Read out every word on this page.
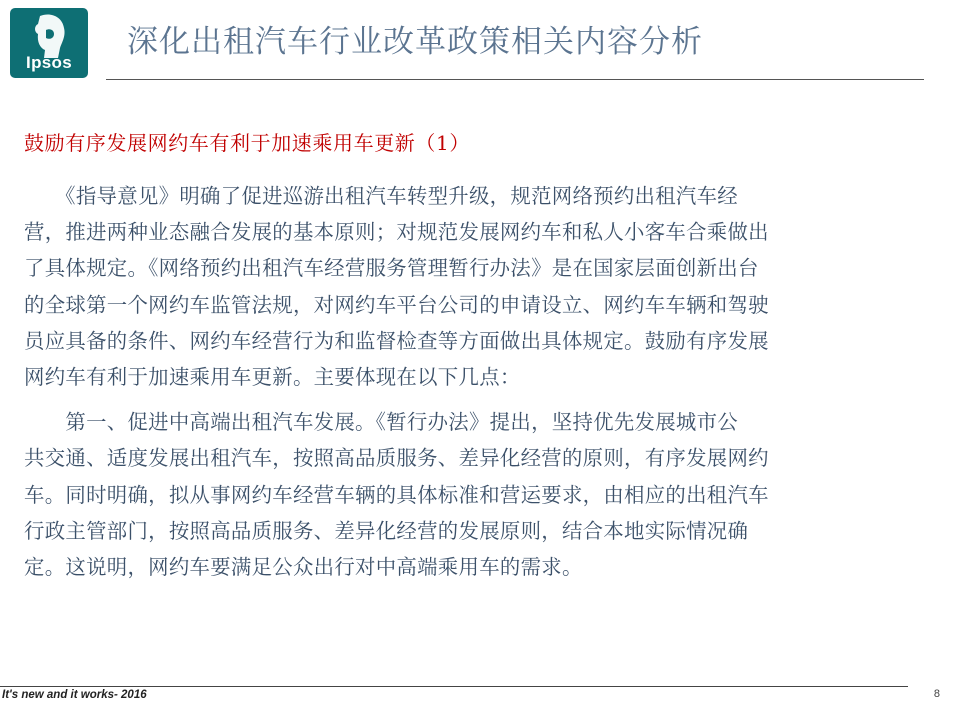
Ipsos
深化出租汽车行业改革政策相关内容分析
鼓励有序发展网约车有利于加速乘用车更新（1）
　　《指导意见》明确了促进巡游出租汽车转型升级，规范网络预约出租汽车经
营，推进两种业态融合发展的基本原则；对规范发展网约车和私人小客车合乘做出
了具体规定。《网络预约出租汽车经营服务管理暂行办法》是在国家层面创新出台
的全球第一个网约车监管法规，对网约车平台公司的申请设立、网约车车辆和驾驶
员应具备的条件、网约车经营行为和监督检查等方面做出具体规定。鼓励有序发展
网约车有利于加速乘用车更新。主要体现在以下几点：
　　第一、促进中高端出租汽车发展。《暂行办法》提出，坚持优先发展城市公
共交通、适度发展出租汽车，按照高品质服务、差异化经营的原则，有序发展网约
车。同时明确，拟从事网约车经营车辆的具体标准和营运要求，由相应的出租汽车
行政主管部门，按照高品质服务、差异化经营的发展原则，结合本地实际情况确
定。这说明，网约车要满足公众出行对中高端乘用车的需求。
It's new and it works- 2016	8
